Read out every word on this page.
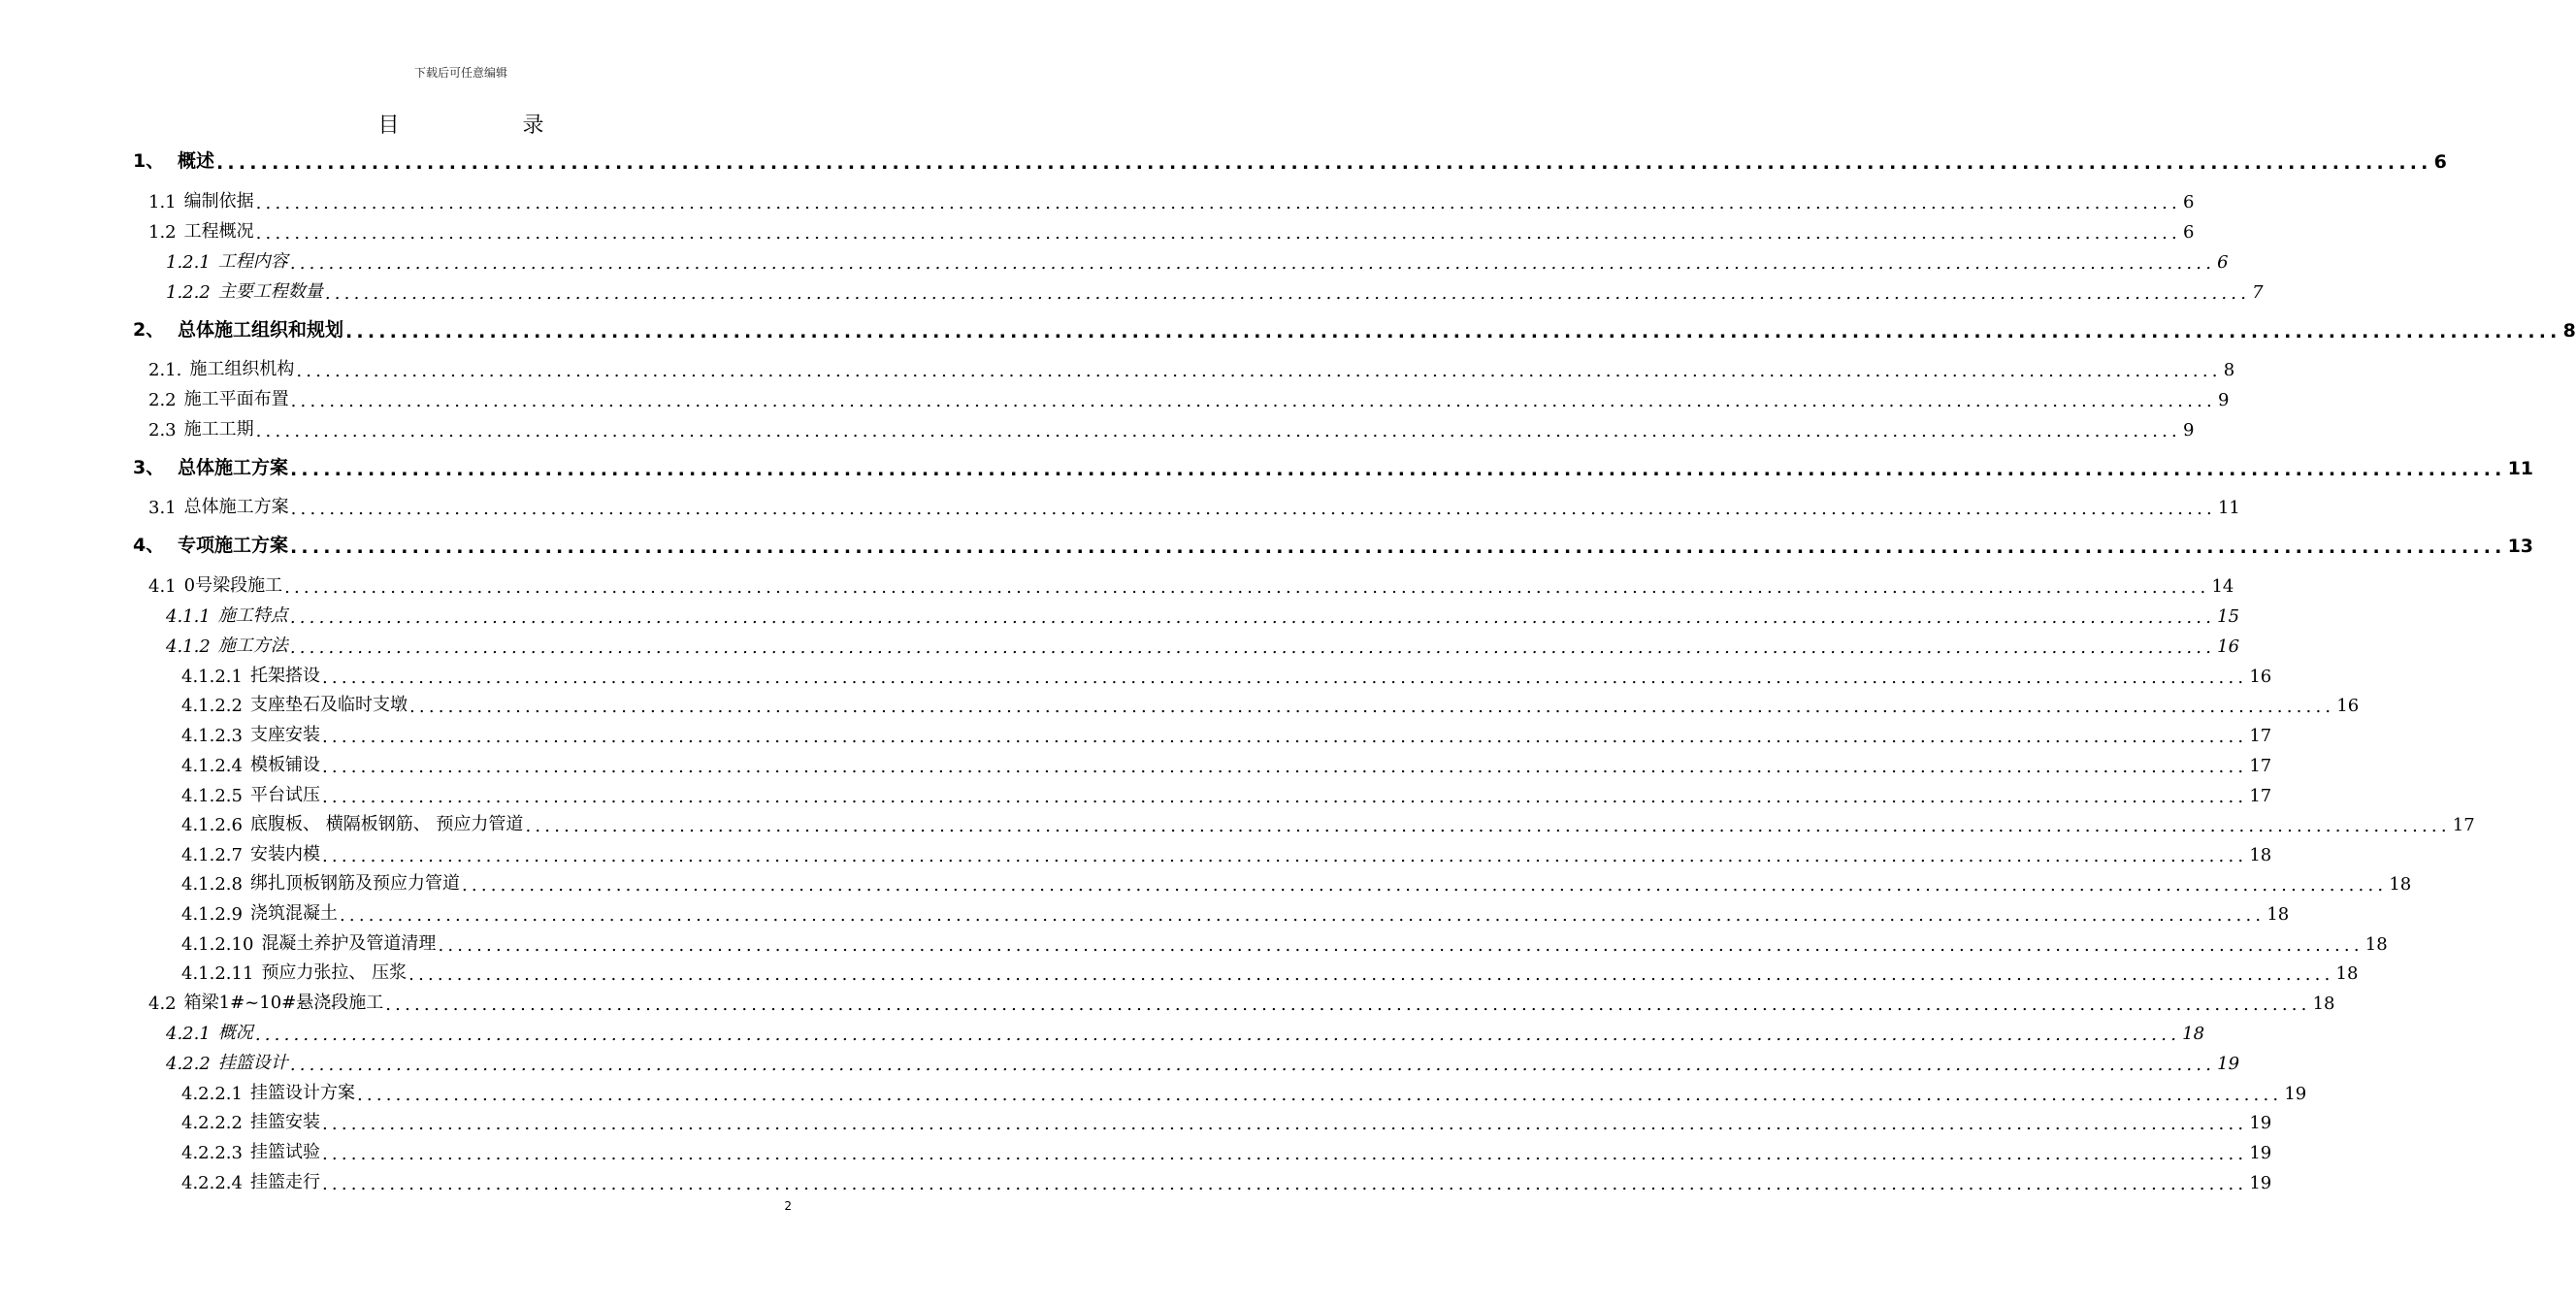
下载后可任意编辑
目 录
1、 概述 ........................................................................................................................................................................................................ 6
1.1 编制依据 ........................................................................................................................................................................................................ 6
1.2 工程概况 ........................................................................................................................................................................................................ 6
1.2.1 工程内容 ........................................................................................................................................................................................................ 6
1.2.2 主要工程数量 ........................................................................................................................................................................................................ 7
2、 总体施工组织和规划 ........................................................................................................................................................................................................ 8
2.1. 施工组织机构 ........................................................................................................................................................................................................ 8
2.2 施工平面布置 ........................................................................................................................................................................................................ 9
2.3 施工工期 ........................................................................................................................................................................................................ 9
3、 总体施工方案 ........................................................................................................................................................................................................ 11
3.1 总体施工方案 ........................................................................................................................................................................................................ 11
4、 专项施工方案 ........................................................................................................................................................................................................ 13
4.1 0号梁段施工 ........................................................................................................................................................................................................ 14
4.1.1 施工特点 ........................................................................................................................................................................................................ 15
4.1.2 施工方法 ........................................................................................................................................................................................................ 16
4.1.2.1 托架搭设 ........................................................................................................................................................................................................ 16
4.1.2.2 支座垫石及临时支墩 ........................................................................................................................................................................................................ 16
4.1.2.3 支座安装 ........................................................................................................................................................................................................ 17
4.1.2.4 模板铺设 ........................................................................................................................................................................................................ 17
4.1.2.5 平台试压 ........................................................................................................................................................................................................ 17
4.1.2.6 底腹板、 横隔板钢筋、 预应力管道 ........................................................................................................................................................................................................ 17
4.1.2.7 安装内模 ........................................................................................................................................................................................................ 18
4.1.2.8 绑扎顶板钢筋及预应力管道 ........................................................................................................................................................................................................ 18
4.1.2.9 浇筑混凝土 ........................................................................................................................................................................................................ 18
4.1.2.10 混凝土养护及管道清理 ........................................................................................................................................................................................................ 18
4.1.2.11 预应力张拉、 压浆 ........................................................................................................................................................................................................ 18
4.2 箱梁1#~10#悬浇段施工 ........................................................................................................................................................................................................ 18
4.2.1 概况 ........................................................................................................................................................................................................ 18
4.2.2 挂篮设计 ........................................................................................................................................................................................................ 19
4.2.2.1 挂篮设计方案 ........................................................................................................................................................................................................ 19
4.2.2.2 挂篮安装 ........................................................................................................................................................................................................ 19
4.2.2.3 挂篮试验 ........................................................................................................................................................................................................ 19
4.2.2.4 挂篮走行 ........................................................................................................................................................................................................ 19
2
